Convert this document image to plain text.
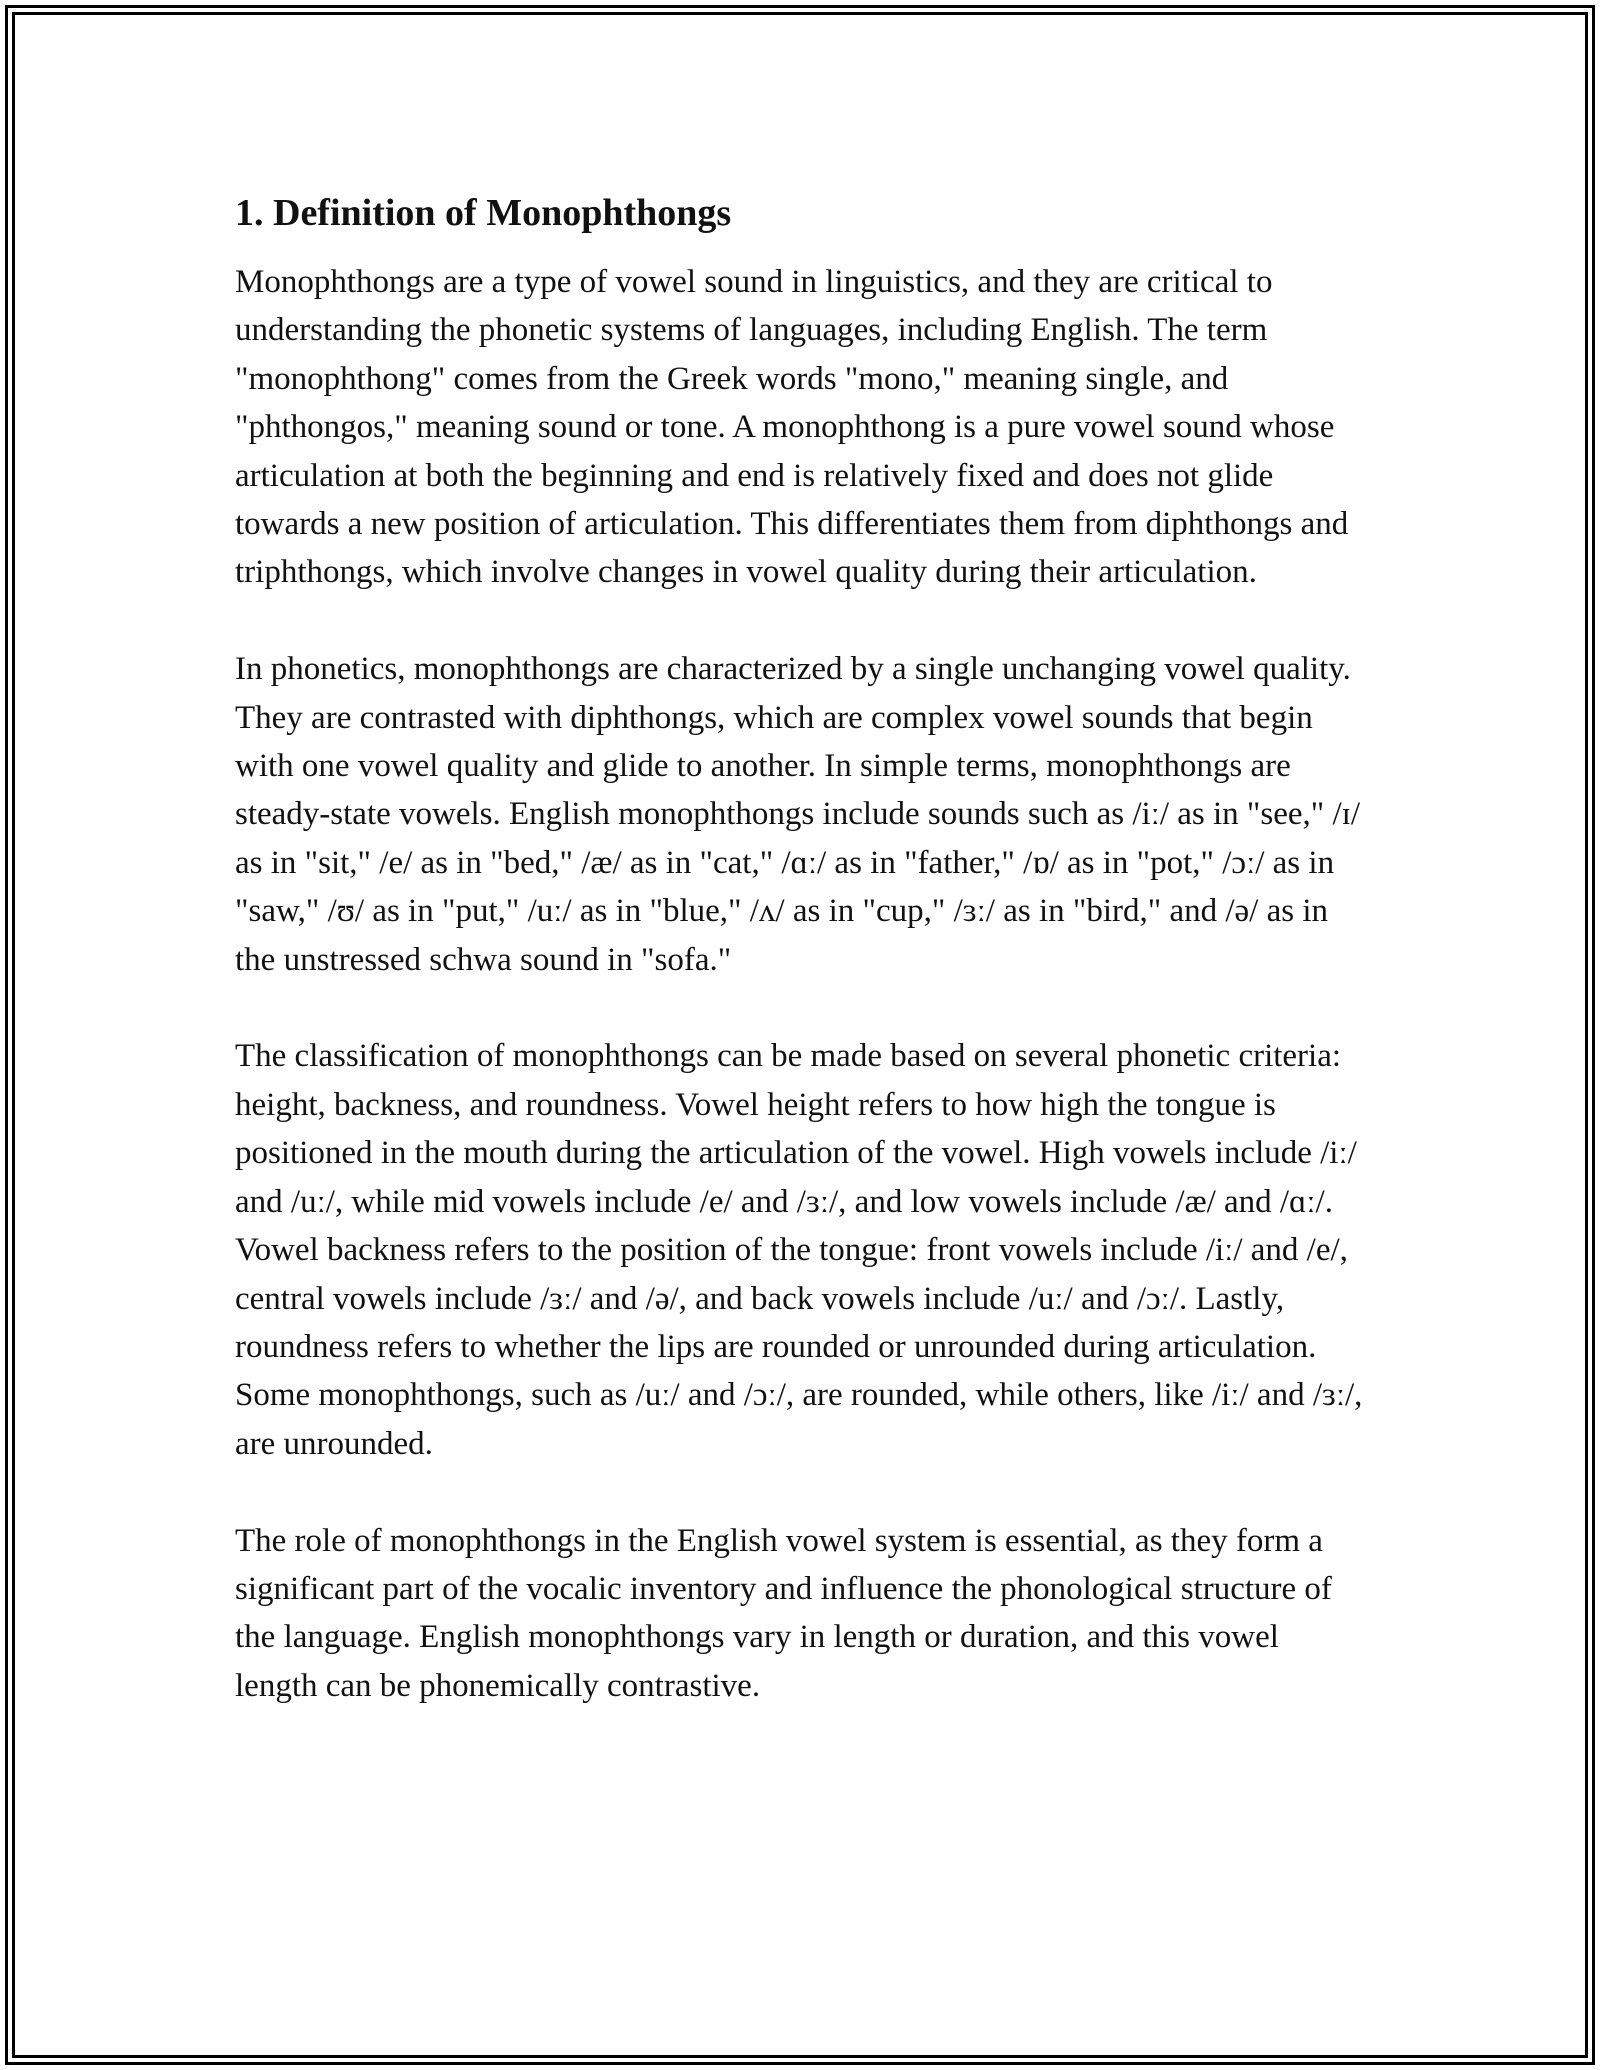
1. Definition of Monophthongs

Monophthongs are a type of vowel sound in linguistics, and they are critical to understanding the phonetic systems of languages, including English. The term "monophthong" comes from the Greek words "mono," meaning single, and "phthongos," meaning sound or tone. A monophthong is a pure vowel sound whose articulation at both the beginning and end is relatively fixed and does not glide towards a new position of articulation. This differentiates them from diphthongs and triphthongs, which involve changes in vowel quality during their articulation.

In phonetics, monophthongs are characterized by a single unchanging vowel quality. They are contrasted with diphthongs, which are complex vowel sounds that begin with one vowel quality and glide to another. In simple terms, monophthongs are steady-state vowels. English monophthongs include sounds such as /iː/ as in "see," /ɪ/ as in "sit," /e/ as in "bed," /æ/ as in "cat," /ɑː/ as in "father," /ɒ/ as in "pot," /ɔː/ as in "saw," /ʊ/ as in "put," /uː/ as in "blue," /ʌ/ as in "cup," /ɜː/ as in "bird," and /ə/ as in the unstressed schwa sound in "sofa."

The classification of monophthongs can be made based on several phonetic criteria: height, backness, and roundness. Vowel height refers to how high the tongue is positioned in the mouth during the articulation of the vowel. High vowels include /iː/ and /uː/, while mid vowels include /e/ and /ɜː/, and low vowels include /æ/ and /ɑː/. Vowel backness refers to the position of the tongue: front vowels include /iː/ and /e/, central vowels include /ɜː/ and /ə/, and back vowels include /uː/ and /ɔː/. Lastly, roundness refers to whether the lips are rounded or unrounded during articulation. Some monophthongs, such as /uː/ and /ɔː/, are rounded, while others, like /iː/ and /ɜː/, are unrounded.

The role of monophthongs in the English vowel system is essential, as they form a significant part of the vocalic inventory and influence the phonological structure of the language. English monophthongs vary in length or duration, and this vowel length can be phonemically contrastive.
